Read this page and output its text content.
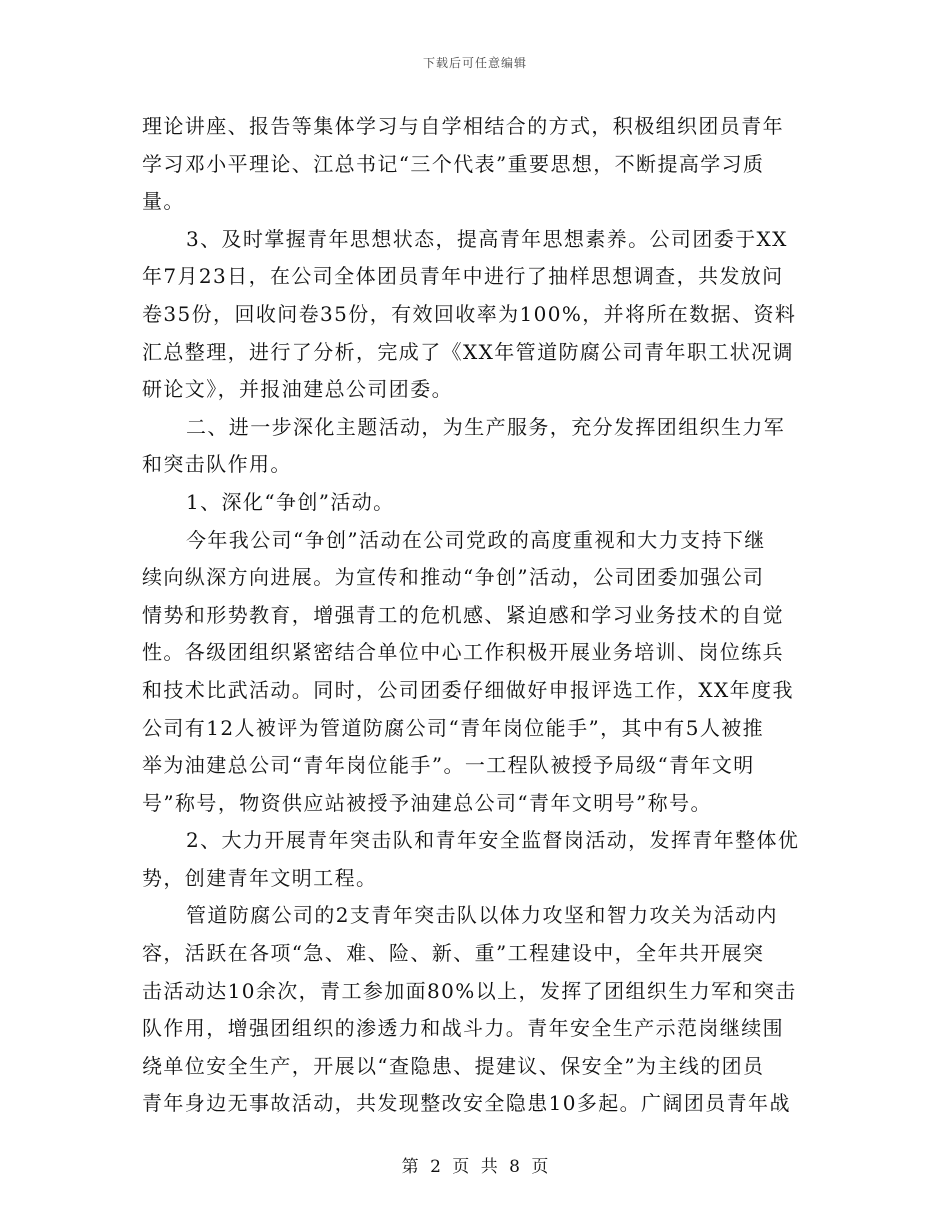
下载后可任意编辑
理论讲座、报告等集体学习与自学相结合的方式，积极组织团员青年
学习邓小平理论、江总书记“三个代表”重要思想，不断提高学习质
量。
3、及时掌握青年思想状态，提高青年思想素养。公司团委于XX
年7月23日，在公司全体团员青年中进行了抽样思想调查，共发放问
卷35份，回收问卷35份，有效回收率为100%，并将所在数据、资料
汇总整理，进行了分析，完成了《XX年管道防腐公司青年职工状况调
研论文》，并报油建总公司团委。
二、进一步深化主题活动，为生产服务，充分发挥团组织生力军
和突击队作用。
1、深化“争创”活动。
今年我公司“争创”活动在公司党政的高度重视和大力支持下继
续向纵深方向进展。为宣传和推动“争创”活动，公司团委加强公司
情势和形势教育，增强青工的危机感、紧迫感和学习业务技术的自觉
性。各级团组织紧密结合单位中心工作积极开展业务培训、岗位练兵
和技术比武活动。同时，公司团委仔细做好申报评选工作，XX年度我
公司有12人被评为管道防腐公司“青年岗位能手”，其中有5人被推
举为油建总公司“青年岗位能手”。一工程队被授予局级“青年文明
号”称号，物资供应站被授予油建总公司“青年文明号”称号。
2、大力开展青年突击队和青年安全监督岗活动，发挥青年整体优
势，创建青年文明工程。
管道防腐公司的2支青年突击队以体力攻坚和智力攻关为活动内
容，活跃在各项“急、难、险、新、重”工程建设中，全年共开展突
击活动达10余次，青工参加面80%以上，发挥了团组织生力军和突击
队作用，增强团组织的渗透力和战斗力。青年安全生产示范岗继续围
绕单位安全生产，开展以“查隐患、提建议、保安全”为主线的团员
青年身边无事故活动，共发现整改安全隐患10多起。广阔团员青年战
第 2 页 共 8 页
